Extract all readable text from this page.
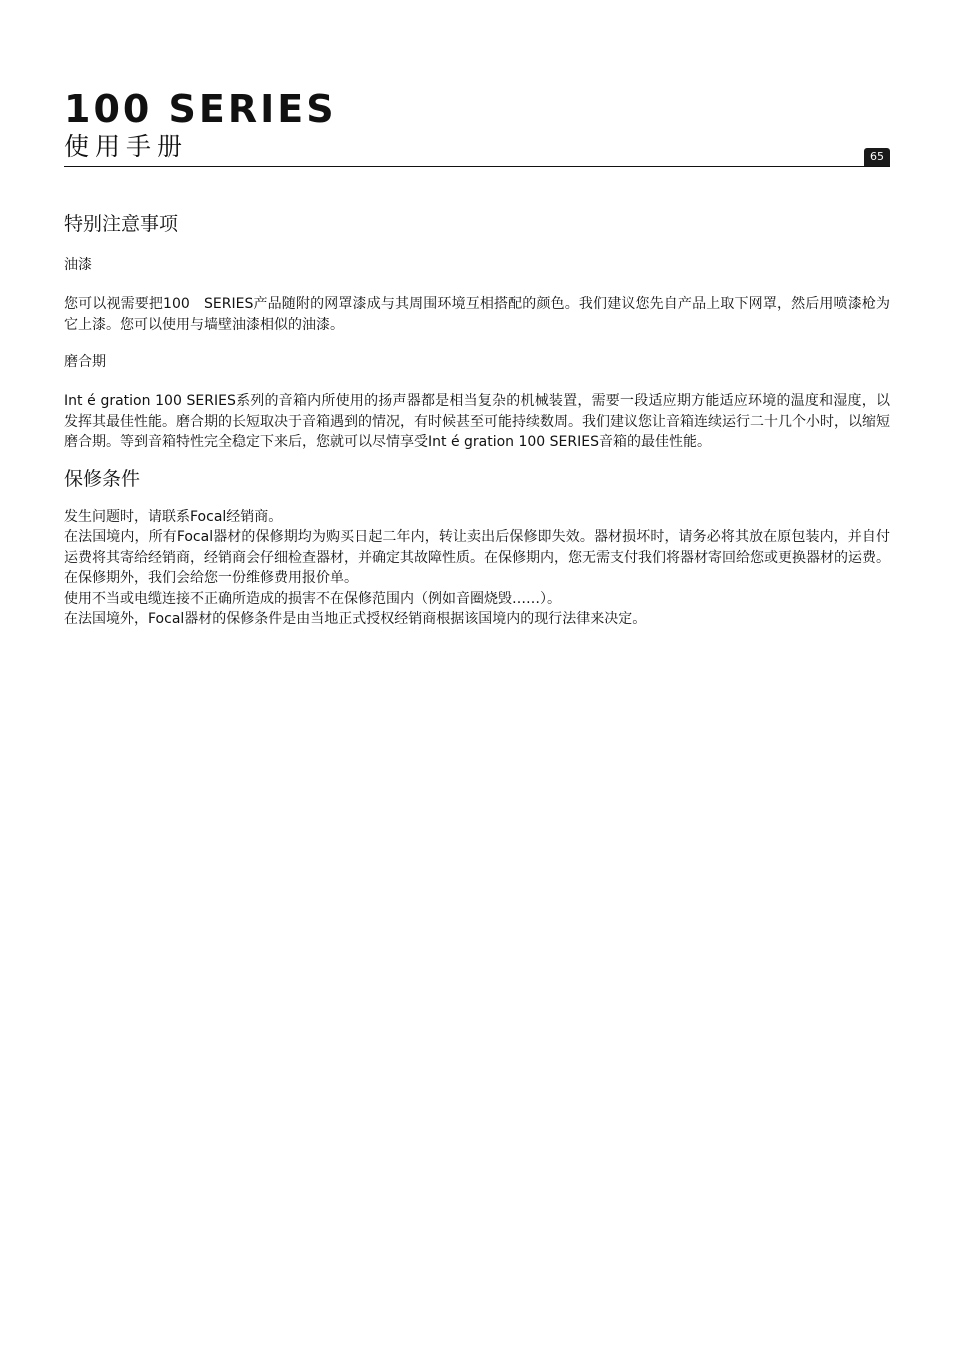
100 SERIES
使用手册	65
特别注意事项
油漆

您可以视需要把100　SERIES产品随附的网罩漆成与其周围环境互相搭配的颜色。我们建议您先自产品上取下网罩，然后用喷漆枪为它上漆。您可以使用与墙壁油漆相似的油漆。

磨合期

Int é gration 100 SERIES系列的音箱内所使用的扬声器都是相当复杂的机械装置，需要一段适应期方能适应环境的温度和湿度，以发挥其最佳性能。磨合期的长短取决于音箱遇到的情况，有时候甚至可能持续数周。我们建议您让音箱连续运行二十几个小时，以缩短磨合期。等到音箱特性完全稳定下来后，您就可以尽情享受Int é gration 100 SERIES音箱的最佳性能。

保修条件
发生问题时，请联系Focal经销商。
在法国境内，所有Focal器材的保修期均为购买日起二年内，转让卖出后保修即失效。器材损坏时，请务必将其放在原包装内，并自付运费将其寄给经销商，经销商会仔细检查器材，并确定其故障性质。在保修期内，您无需支付我们将器材寄回给您或更换器材的运费。在保修期外，我们会给您一份维修费用报价单。
使用不当或电缆连接不正确所造成的损害不在保修范围内（例如音圈烧毁……）。
在法国境外，Focal器材的保修条件是由当地正式授权经销商根据该国境内的现行法律来决定。
